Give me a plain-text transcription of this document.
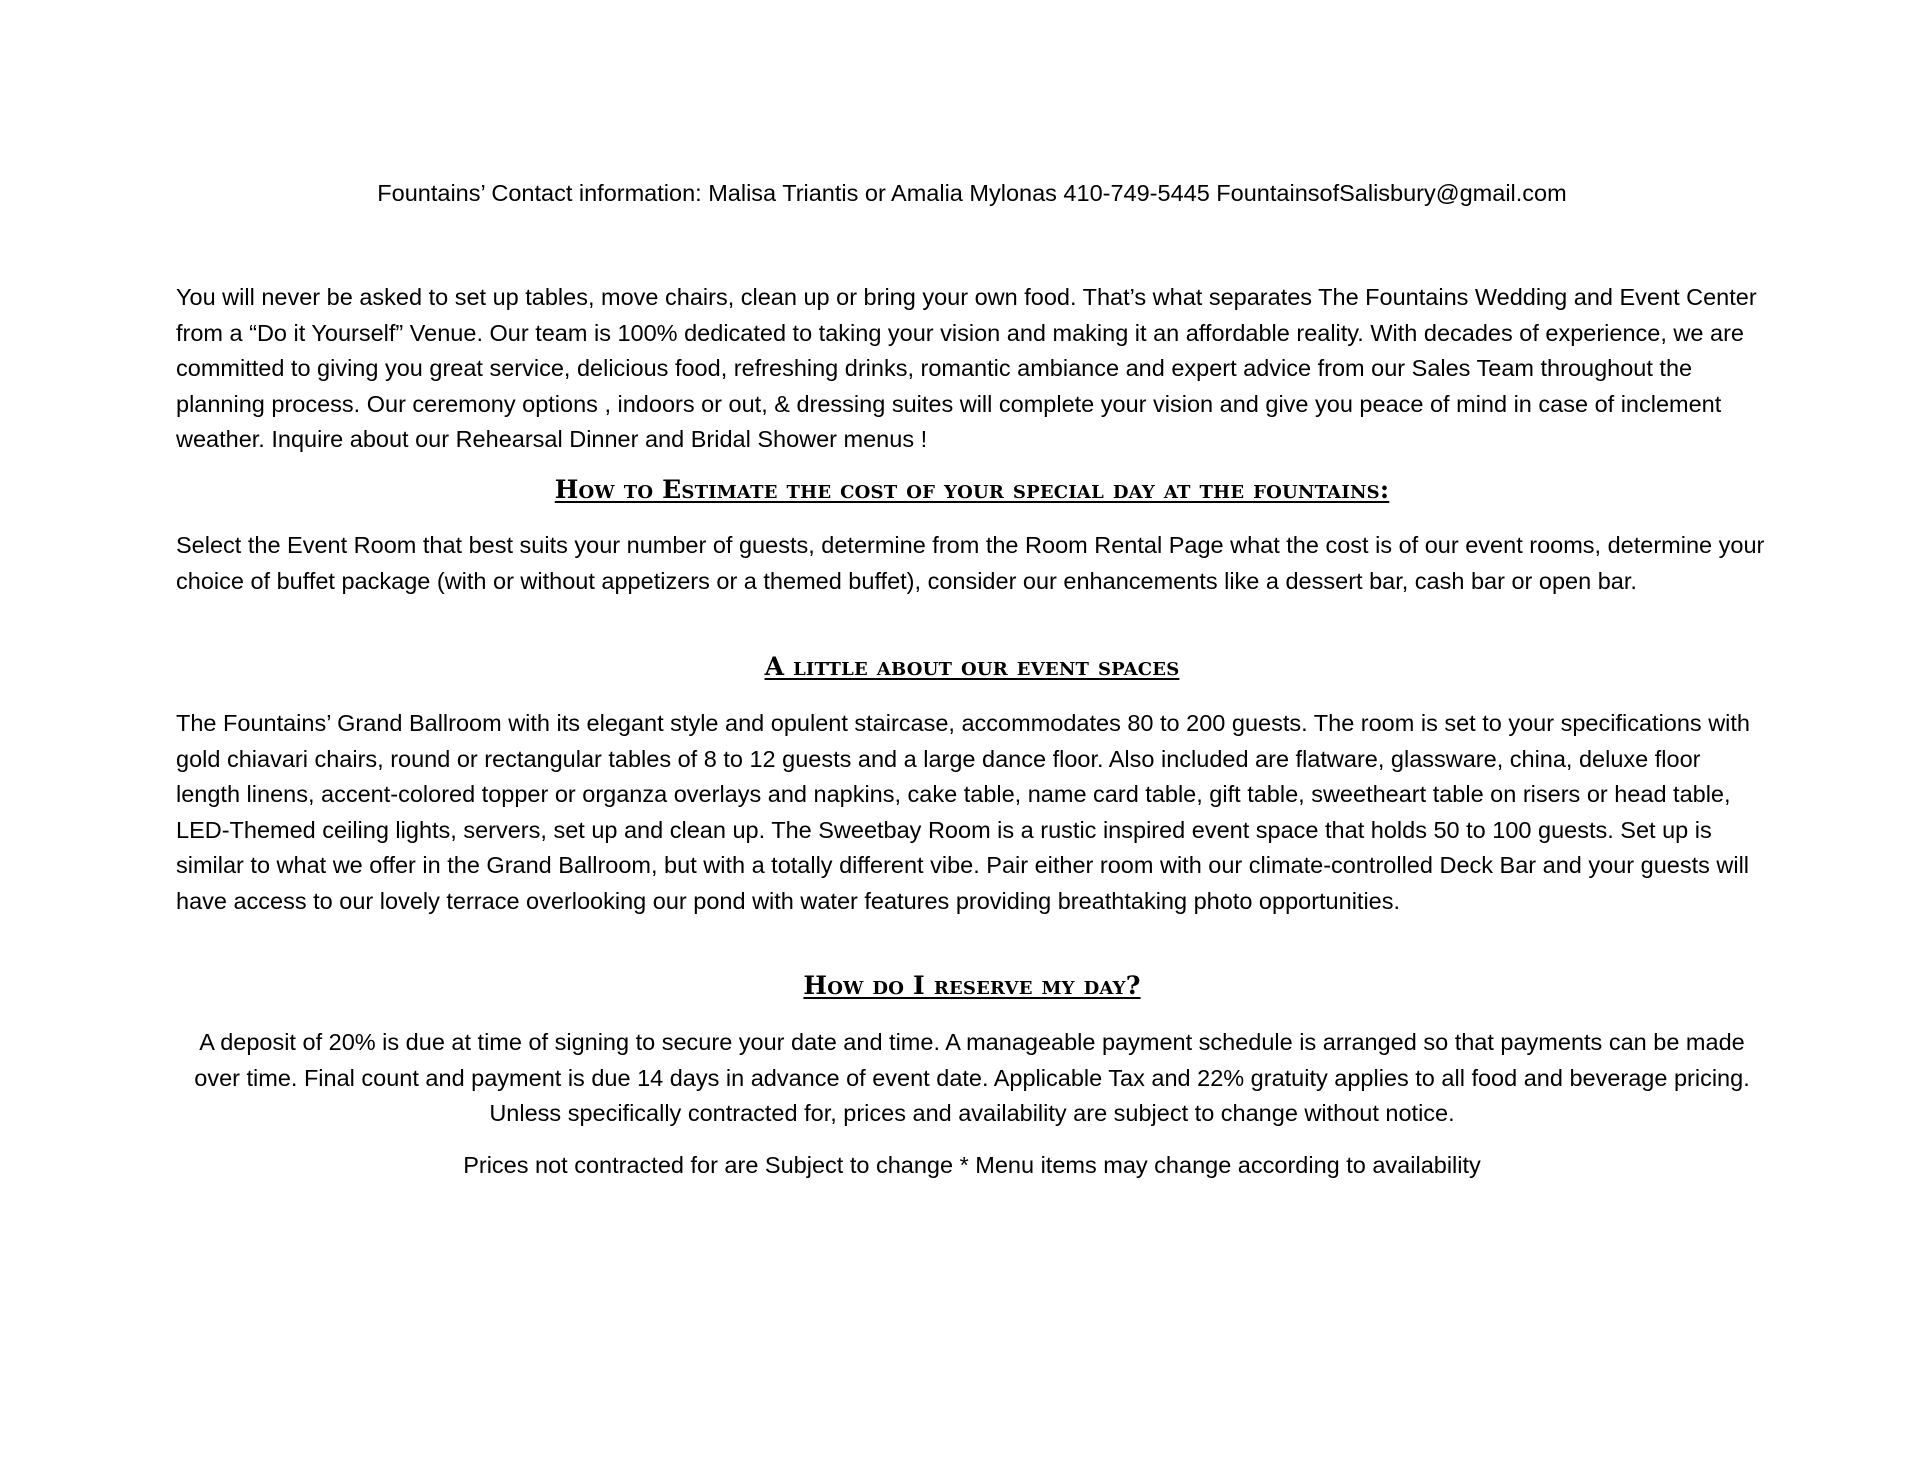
Fountains’ Contact information: Malisa Triantis or Amalia Mylonas 410-749-5445 FountainsofSalisbury@gmail.com

You will never be asked to set up tables, move chairs, clean up or bring your own food. That’s what separates The Fountains Wedding and Event Center from a “Do it Yourself” Venue. Our team is 100% dedicated to taking your vision and making it an affordable reality. With decades of experience, we are committed to giving you great service, delicious food, refreshing drinks, romantic ambiance and expert advice from our Sales Team throughout the planning process. Our ceremony options , indoors or out, & dressing suites will complete your vision and give you peace of mind in case of inclement weather. Inquire about our Rehearsal Dinner and Bridal Shower menus !

How to Estimate the cost of your special day at the fountains:

Select the Event Room that best suits your number of guests, determine from the Room Rental Page what the cost is of our event rooms, determine your choice of buffet package (with or without appetizers or a themed buffet), consider our enhancements like a dessert bar, cash bar or open bar.

A little about our event spaces

The Fountains’ Grand Ballroom with its elegant style and opulent staircase, accommodates 80 to 200 guests. The room is set to your specifications with gold chiavari chairs, round or rectangular tables of 8 to 12 guests and a large dance floor. Also included are flatware, glassware, china, deluxe floor length linens, accent-colored topper or organza overlays and napkins, cake table, name card table, gift table, sweetheart table on risers or head table, LED-Themed ceiling lights, servers, set up and clean up. The Sweetbay Room is a rustic inspired event space that holds 50 to 100 guests. Set up is similar to what we offer in the Grand Ballroom, but with a totally different vibe. Pair either room with our climate-controlled Deck Bar and your guests will have access to our lovely terrace overlooking our pond with water features providing breathtaking photo opportunities.

How do I reserve my day?

A deposit of 20% is due at time of signing to secure your date and time. A manageable payment schedule is arranged so that payments can be made over time. Final count and payment is due 14 days in advance of event date. Applicable Tax and 22% gratuity applies to all food and beverage pricing. Unless specifically contracted for, prices and availability are subject to change without notice.

Prices not contracted for are Subject to change * Menu items may change according to availability
